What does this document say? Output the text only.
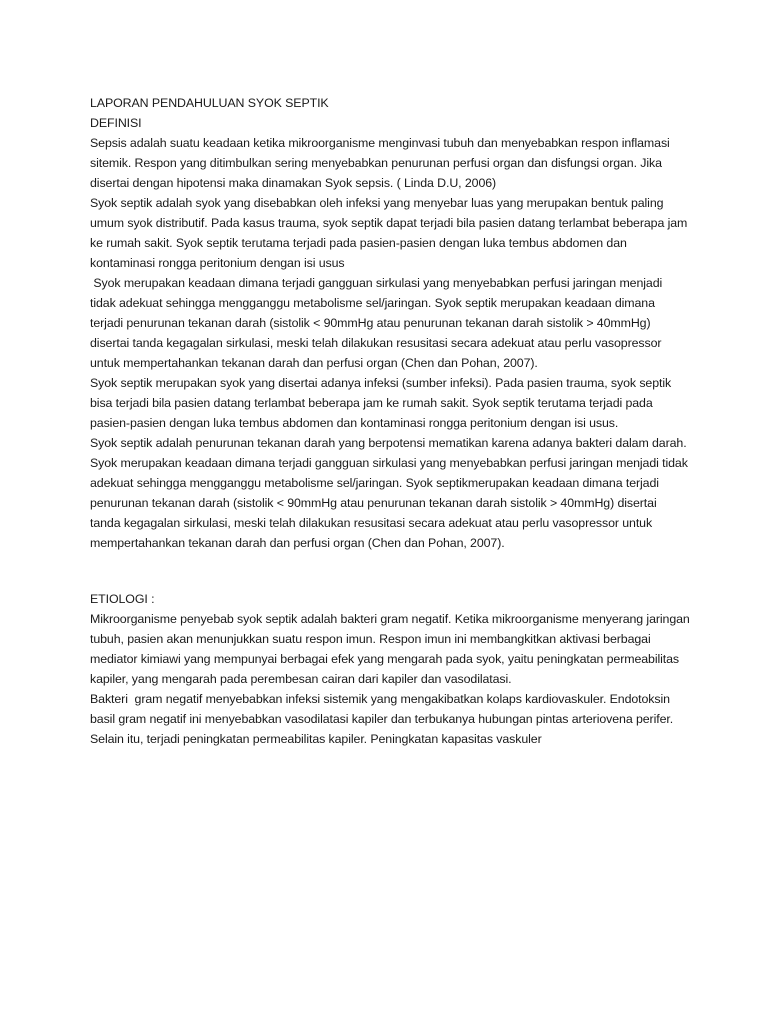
LAPORAN PENDAHULUAN SYOK SEPTIK

DEFINISI

Sepsis adalah suatu keadaan ketika mikroorganisme menginvasi tubuh dan menyebabkan respon inflamasi sitemik. Respon yang ditimbulkan sering menyebabkan penurunan perfusi organ dan disfungsi organ. Jika disertai dengan hipotensi maka dinamakan Syok sepsis. ( Linda D.U, 2006)

Syok septik adalah syok yang disebabkan oleh infeksi yang menyebar luas yang merupakan bentuk paling umum syok distributif. Pada kasus trauma, syok septik dapat terjadi bila pasien datang terlambat beberapa jam ke rumah sakit. Syok septik terutama terjadi pada pasien-pasien dengan luka tembus abdomen dan kontaminasi rongga peritonium dengan isi usus

Syok merupakan keadaan dimana terjadi gangguan sirkulasi yang menyebabkan perfusi jaringan menjadi tidak adekuat sehingga mengganggu metabolisme sel/jaringan. Syok septik merupakan keadaan dimana terjadi penurunan tekanan darah (sistolik < 90mmHg atau penurunan tekanan darah sistolik > 40mmHg) disertai tanda kegagalan sirkulasi, meski telah dilakukan resusitasi secara adekuat atau perlu vasopressor untuk mempertahankan tekanan darah dan perfusi organ (Chen dan Pohan, 2007).

Syok septik merupakan syok yang disertai adanya infeksi (sumber infeksi). Pada pasien trauma, syok septik bisa terjadi bila pasien datang terlambat beberapa jam ke rumah sakit. Syok septik terutama terjadi pada pasien-pasien dengan luka tembus abdomen dan kontaminasi rongga peritonium dengan isi usus.

Syok septik adalah penurunan tekanan darah yang berpotensi mematikan karena adanya bakteri dalam darah.

Syok merupakan keadaan dimana terjadi gangguan sirkulasi yang menyebabkan perfusi jaringan menjadi tidak adekuat sehingga mengganggu metabolisme sel/jaringan. Syok septikmerupakan keadaan dimana terjadi penurunan tekanan darah (sistolik < 90mmHg atau penurunan tekanan darah sistolik > 40mmHg) disertai tanda kegagalan sirkulasi, meski telah dilakukan resusitasi secara adekuat atau perlu vasopressor untuk mempertahankan tekanan darah dan perfusi organ (Chen dan Pohan, 2007).

ETIOLOGI :

Mikroorganisme penyebab syok septik adalah bakteri gram negatif. Ketika mikroorganisme menyerang jaringan tubuh, pasien akan menunjukkan suatu respon imun. Respon imun ini membangkitkan aktivasi berbagai mediator kimiawi yang mempunyai berbagai efek yang mengarah pada syok, yaitu peningkatan permeabilitas kapiler, yang mengarah pada perembesan cairan dari kapiler dan vasodilatasi.

Bakteri  gram negatif menyebabkan infeksi sistemik yang mengakibatkan kolaps kardiovaskuler. Endotoksin basil gram negatif ini menyebabkan vasodilatasi kapiler dan terbukanya hubungan pintas arteriovena perifer. Selain itu, terjadi peningkatan permeabilitas kapiler. Peningkatan kapasitas vaskuler
